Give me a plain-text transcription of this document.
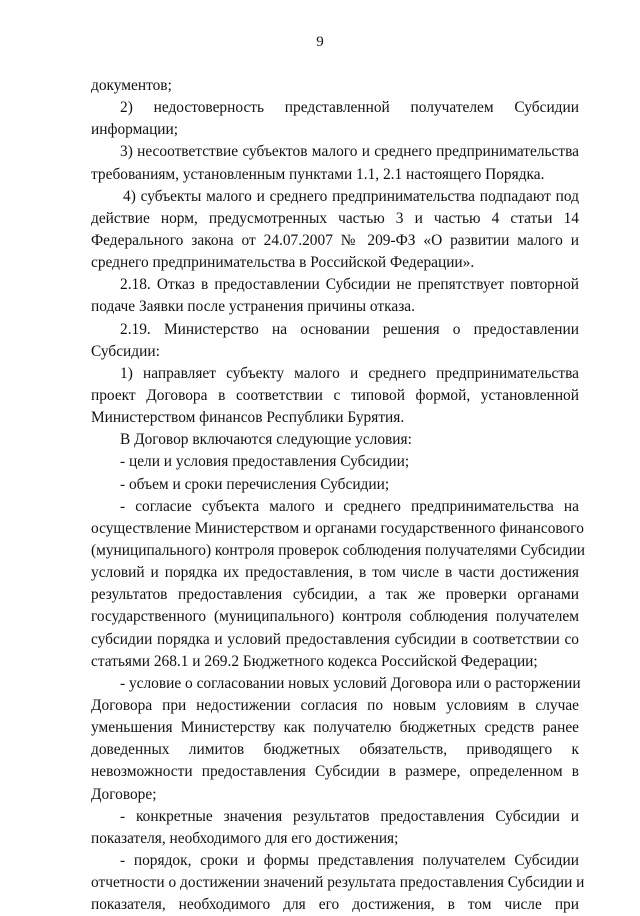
9
документов;
2) недостоверность представленной получателем Субсидии
информации;
3) несоответствие субъектов малого и среднего предпринимательства
требованиям, установленным пунктами 1.1, 2.1 настоящего Порядка.
4) субъекты малого и среднего предпринимательства подпадают под
действие норм, предусмотренных частью 3 и частью 4 статьи 14
Федерального закона от 24.07.2007 № 209-ФЗ «О развитии малого и
среднего предпринимательства в Российской Федерации».
2.18. Отказ в предоставлении Субсидии не препятствует повторной
подаче Заявки после устранения причины отказа.
2.19. Министерство на основании решения о предоставлении
Субсидии:
1) направляет субъекту малого и среднего предпринимательства
проект Договора в соответствии с типовой формой, установленной
Министерством финансов Республики Бурятия.
В Договор включаются следующие условия:
- цели и условия предоставления Субсидии;
- объем и сроки перечисления Субсидии;
- согласие субъекта малого и среднего предпринимательства на
осуществление Министерством и органами государственного финансового
(муниципального) контроля проверок соблюдения получателями Субсидии
условий и порядка их предоставления, в том числе в части достижения
результатов предоставления субсидии, а так же проверки органами
государственного (муниципального) контроля соблюдения получателем
субсидии порядка и условий предоставления субсидии в соответствии со
статьями 268.1 и 269.2 Бюджетного кодекса Российской Федерации;
- условие о согласовании новых условий Договора или о расторжении
Договора при недостижении согласия по новым условиям в случае
уменьшения Министерству как получателю бюджетных средств ранее
доведенных лимитов бюджетных обязательств, приводящего к
невозможности предоставления Субсидии в размере, определенном в
Договоре;
- конкретные значения результатов предоставления Субсидии и
показателя, необходимого для его достижения;
- порядок, сроки и формы представления получателем Субсидии
отчетности о достижении значений результата предоставления Субсидии и
показателя, необходимого для его достижения, в том числе при
